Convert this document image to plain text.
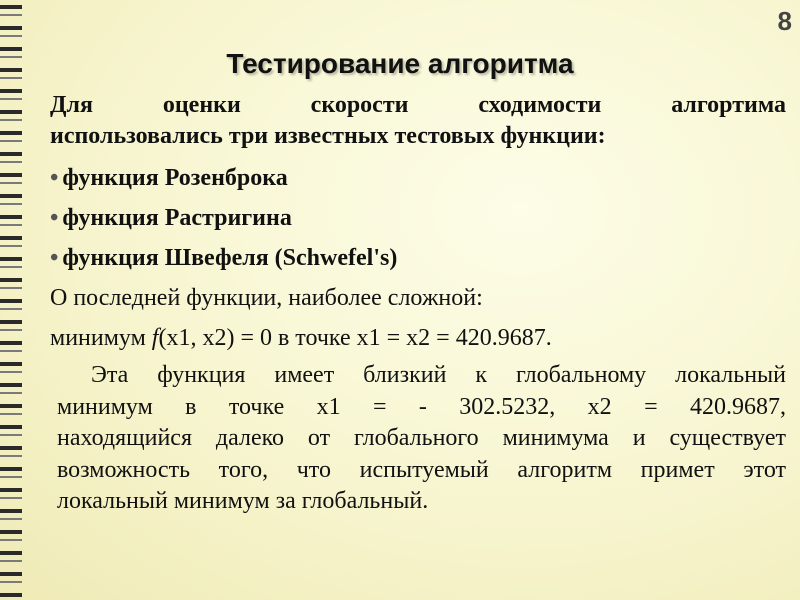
8
Тестирование алгоритма

Для оценки скорости сходимости алгортима
использовались три известных тестовых функции:

• функция Розенброка
• функция Растригина
• функция Швефеля (Schwefel's)

О последней функции, наиболее сложной:

минимум f(x1, x2) = 0 в точке x1 = x2 = 420.9687.

Эта функция имеет близкий к глобальному локальный
минимум в точке x1 = - 302.5232, x2 = 420.9687,
находящийся далеко от глобального минимума и существует
возможность того, что испытуемый алгоритм примет этот
локальный минимум за глобальный.
